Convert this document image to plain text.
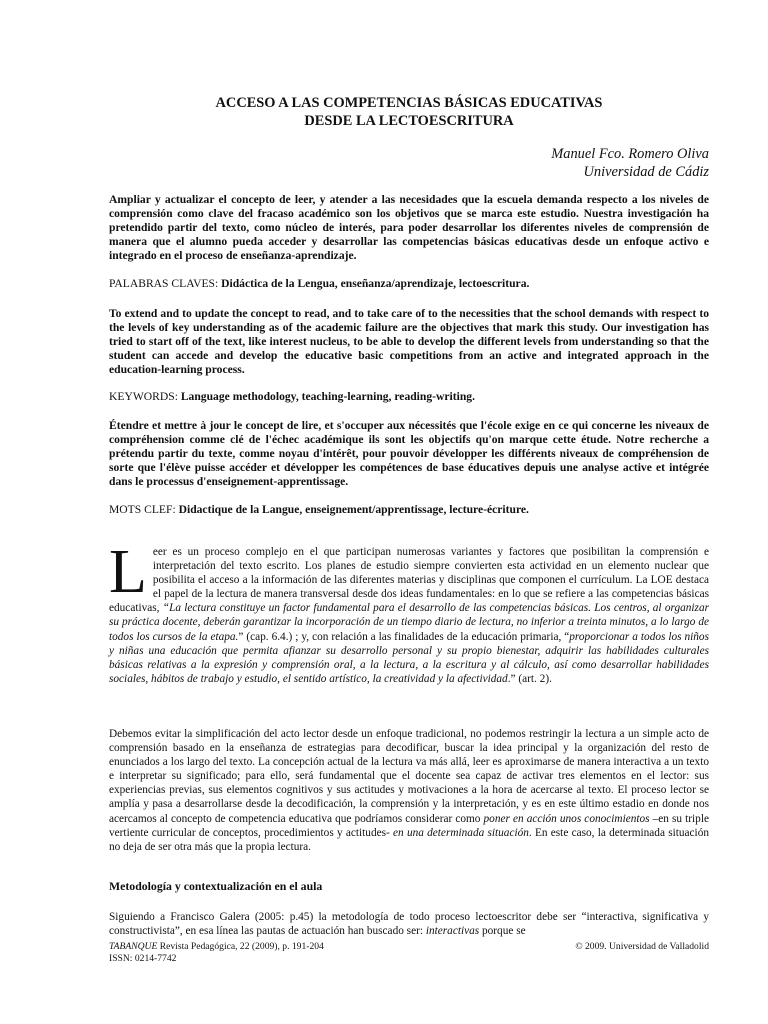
ACCESO A LAS COMPETENCIAS BÁSICAS EDUCATIVAS
DESDE LA LECTOESCRITURA
Manuel Fco. Romero Oliva
Universidad de Cádiz
Ampliar y actualizar el concepto de leer, y atender a las necesidades que la escuela demanda respecto a los niveles de comprensión como clave del fracaso académico son los objetivos que se marca este estudio. Nuestra investigación ha pretendido partir del texto, como núcleo de interés, para poder desarrollar los diferentes niveles de comprensión de manera que el alumno pueda acceder y desarrollar las competencias básicas educativas desde un enfoque activo e integrado en el proceso de enseñanza-aprendizaje.
PALABRAS CLAVES: Didáctica de la Lengua, enseñanza/aprendizaje, lectoescritura.
To extend and to update the concept to read, and to take care of to the necessities that the school demands with respect to the levels of key understanding as of the academic failure are the objectives that mark this study. Our investigation has tried to start off of the text, like interest nucleus, to be able to develop the different levels from understanding so that the student can accede and develop the educative basic competitions from an active and integrated approach in the education-learning process.
KEYWORDS: Language methodology, teaching-learning, reading-writing.
Étendre et mettre à jour le concept de lire, et s'occuper aux nécessités que l'école exige en ce qui concerne les niveaux de compréhension comme clé de l'échec académique ils sont les objectifs qu'on marque cette étude. Notre recherche a prétendu partir du texte, comme noyau d'intérêt, pour pouvoir développer les différents niveaux de compréhension de sorte que l'élève puisse accéder et développer les compétences de base éducatives depuis une analyse active et intégrée dans le processus d'enseignement-apprentissage.
MOTS CLEF: Didactique de la Langue, enseignement/apprentissage, lecture-écriture.
Leer es un proceso complejo en el que participan numerosas variantes y factores que posibilitan la comprensión e interpretación del texto escrito. Los planes de estudio siempre convierten esta actividad en un elemento nuclear que posibilita el acceso a la información de las diferentes materias y disciplinas que componen el currículum. La LOE destaca el papel de la lectura de manera transversal desde dos ideas fundamentales: en lo que se refiere a las competencias básicas educativas, “La lectura constituye un factor fundamental para el desarrollo de las competencias básicas. Los centros, al organizar su práctica docente, deberán garantizar la incorporación de un tiempo diario de lectura, no inferior a treinta minutos, a lo largo de todos los cursos de la etapa.” (cap. 6.4.) ; y, con relación a las finalidades de la educación primaria, “proporcionar a todos los niños y niñas una educación que permita afianzar su desarrollo personal y su propio bienestar, adquirir las habilidades culturales básicas relativas a la expresión y comprensión oral, a la lectura, a la escritura y al cálculo, así como desarrollar habilidades sociales, hábitos de trabajo y estudio, el sentido artístico, la creatividad y la afectividad.” (art. 2).
Debemos evitar la simplificación del acto lector desde un enfoque tradicional, no podemos restringir la lectura a un simple acto de comprensión basado en la enseñanza de estrategias para decodificar, buscar la idea principal y la organización del resto de enunciados a los largo del texto. La concepción actual de la lectura va más allá, leer es aproximarse de manera interactiva a un texto e interpretar su significado; para ello, será fundamental que el docente sea capaz de activar tres elementos en el lector: sus experiencias previas, sus elementos cognitivos y sus actitudes y motivaciones a la hora de acercarse al texto. El proceso lector se amplía y pasa a desarrollarse desde la decodificación, la comprensión y la interpretación, y es en este último estadio en donde nos acercamos al concepto de competencia educativa que podríamos considerar como poner en acción unos conocimientos –en su triple vertiente curricular de conceptos, procedimientos y actitudes- en una determinada situación. En este caso, la determinada situación no deja de ser otra más que la propia lectura.
Metodología y contextualización en el aula
Siguiendo a Francisco Galera (2005: p.45) la metodología de todo proceso lectoescritor debe ser “interactiva, significativa y constructivista”, en esa línea las pautas de actuación han buscado ser: interactivas porque se
TABANQUE Revista Pedagógica, 22 (2009), p. 191-204
ISSN: 0214-7742
© 2009. Universidad de Valladolid
